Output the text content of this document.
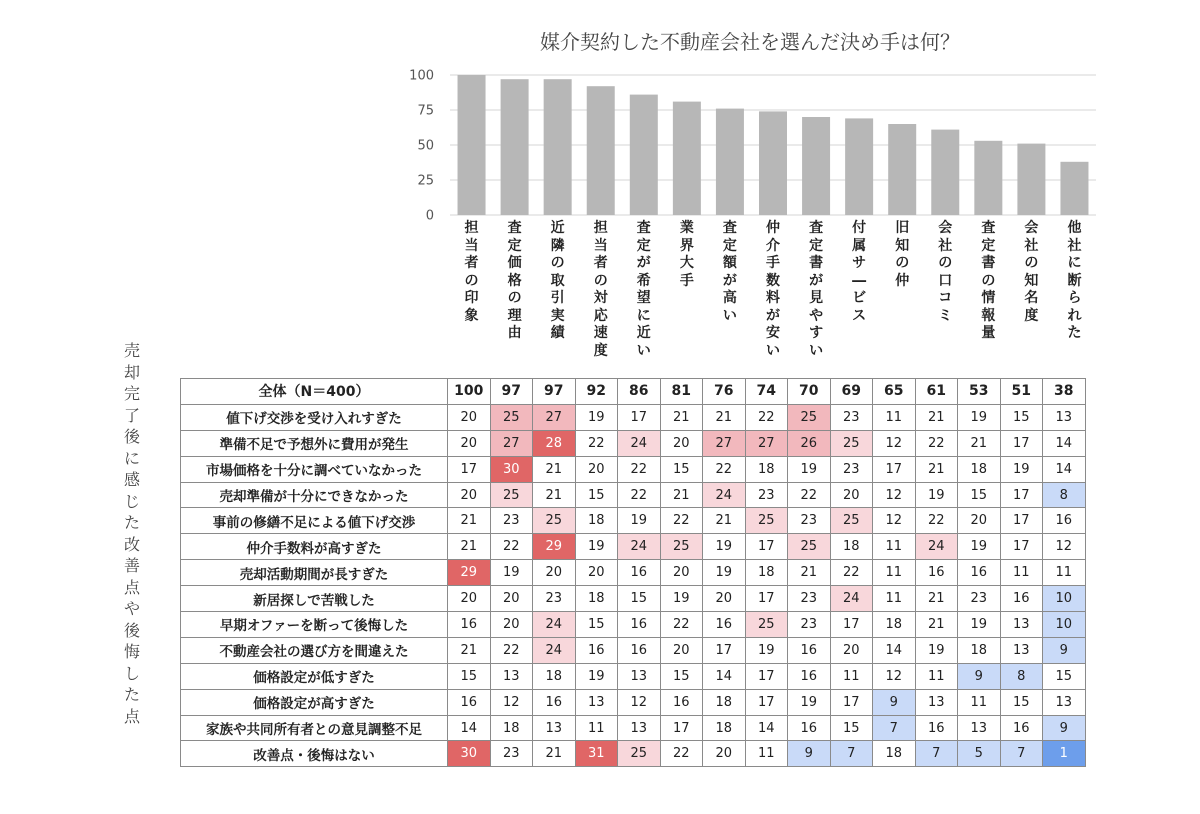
媒介契約した不動産会社を選んだ決め手は何？
0
25
50
75
100
担当者の印象
査定価格の理由
近隣の取引実績
担当者の対応速度
査定が希望に近い
業界大手
査定額が高い
仲介手数料が安い
査定書が見やすい
付属サ―ビス
旧知の仲
会社の口コミ
査定書の情報量
会社の知名度
他社に断られた
売却完了後に感じた改善点や後悔した点
全体（N＝400）	100	97	97	92	86	81	76	74	70	69	65	61	53	51	38
値下げ交渉を受け入れすぎた	20	25	27	19	17	21	21	22	25	23	11	21	19	15	13
準備不足で予想外に費用が発生	20	27	28	22	24	20	27	27	26	25	12	22	21	17	14
市場価格を十分に調べていなかった	17	30	21	20	22	15	22	18	19	23	17	21	18	19	14
売却準備が十分にできなかった	20	25	21	15	22	21	24	23	22	20	12	19	15	17	8
事前の修繕不足による値下げ交渉	21	23	25	18	19	22	21	25	23	25	12	22	20	17	16
仲介手数料が高すぎた	21	22	29	19	24	25	19	17	25	18	11	24	19	17	12
売却活動期間が長すぎた	29	19	20	20	16	20	19	18	21	22	11	16	16	11	11
新居探しで苦戦した	20	20	23	18	15	19	20	17	23	24	11	21	23	16	10
早期オファーを断って後悔した	16	20	24	15	16	22	16	25	23	17	18	21	19	13	10
不動産会社の選び方を間違えた	21	22	24	16	16	20	17	19	16	20	14	19	18	13	9
価格設定が低すぎた	15	13	18	19	13	15	14	17	16	11	12	11	9	8	15
価格設定が高すぎた	16	12	16	13	12	16	18	17	19	17	9	13	11	15	13
家族や共同所有者との意見調整不足	14	18	13	11	13	17	18	14	16	15	7	16	13	16	9
改善点・後悔はない	30	23	21	31	25	22	20	11	9	7	18	7	5	7	1
